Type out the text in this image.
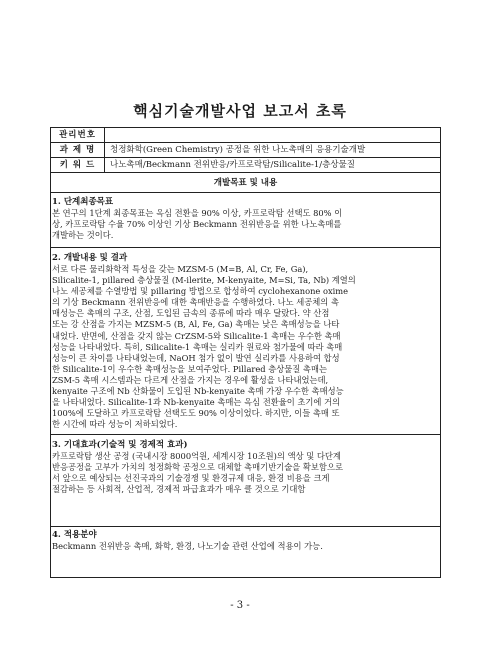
핵심기술개발사업 보고서 초록
관리번호
과 제 명	청정화학(Green Chemistry) 공정을 위한 나노촉매의 응용기술개발
키 워 드	나노촉매/Beckmann 전위반응/카프로락탐/Silicalite-1/층상물질
개발목표 및 내용
1. 단계최종목표
본 연구의 1단계 최종목표는 옥심 전환을 90% 이상, 카프로락탐 선택도 80% 이
상, 카프로락탐 수율 70% 이상인 기상 Beckmann 전위반응을 위한 나노촉매를
개발하는 것이다.
2. 개발내용 및 결과
서로 다른 물리화학적 특성을 갖는 MZSM-5 (M=B, Al, Cr, Fe, Ga),
Silicalite-1, pillared 층상물질 (M-ilerite, M-kenyaite, M=Si, Ta, Nb) 계열의
나노 세공체를 수열방법 및 pillaring 방법으로 합성하여 cyclohexanone oxime
의 기상 Beckmann 전위반응에 대한 촉매반응을 수행하였다. 나노 세공체의 촉
매성능은 촉매의 구조, 산점, 도입된 금속의 종류에 따라 매우 달랐다. 약 산점
또는 강 산점을 가지는 MZSM-5 (B, Al, Fe, Ga) 촉매는 낮은 촉매성능을 나타
내었다. 반면에, 산점을 갖지 않는 CrZSM-5와 Silicalite-1 촉매는 우수한 촉매
성능을 나타내었다. 특히, Silicalite-1 촉매는 실리카 원료와 첨가물에 따라 촉매
성능이 큰 차이를 나타내었는데, NaOH 첨가 없이 발연 실리카를 사용하여 합성
한 Silicalite-1이 우수한 촉매성능을 보여주었다. Pillared 층상물질 촉매는
ZSM-5 촉매 시스템과는 다르게 산점을 가지는 경우에 활성을 나타내었는데,
kenyaite 구조에 Nb 산화물이 도입된 Nb-kenyaite 촉매 가장 우수한 촉매성능
을 나타내었다. Silicalite-1과 Nb-kenyaite 촉매는 옥심 전환율이 초기에 거의
100%에 도달하고 카프로락탐 선택도도 90% 이상이었다. 하지만, 이들 촉매 또
한 시간에 따라 성능이 저하되었다.
3. 기대효과(기술적 및 경제적 효과)
카프로락탐 생산 공정 (국내시장 8000억원, 세계시장 10조원)의 액상 및 다단계
반응공정을 고부가 가치의 청정화학 공정으로 대체할 촉매기반기술을 확보함으로
서 앞으로 예상되는 선진국과의 기술경쟁 및 환경규제 대응, 환경 비용을 크게
절감하는 등 사회적, 산업적, 경제적 파급효과가 매우 클 것으로 기대함
4. 적용분야
Beckmann 전위반응 촉매, 화학, 환경, 나노기술 관련 산업에 적용이 가능.
- 3 -
